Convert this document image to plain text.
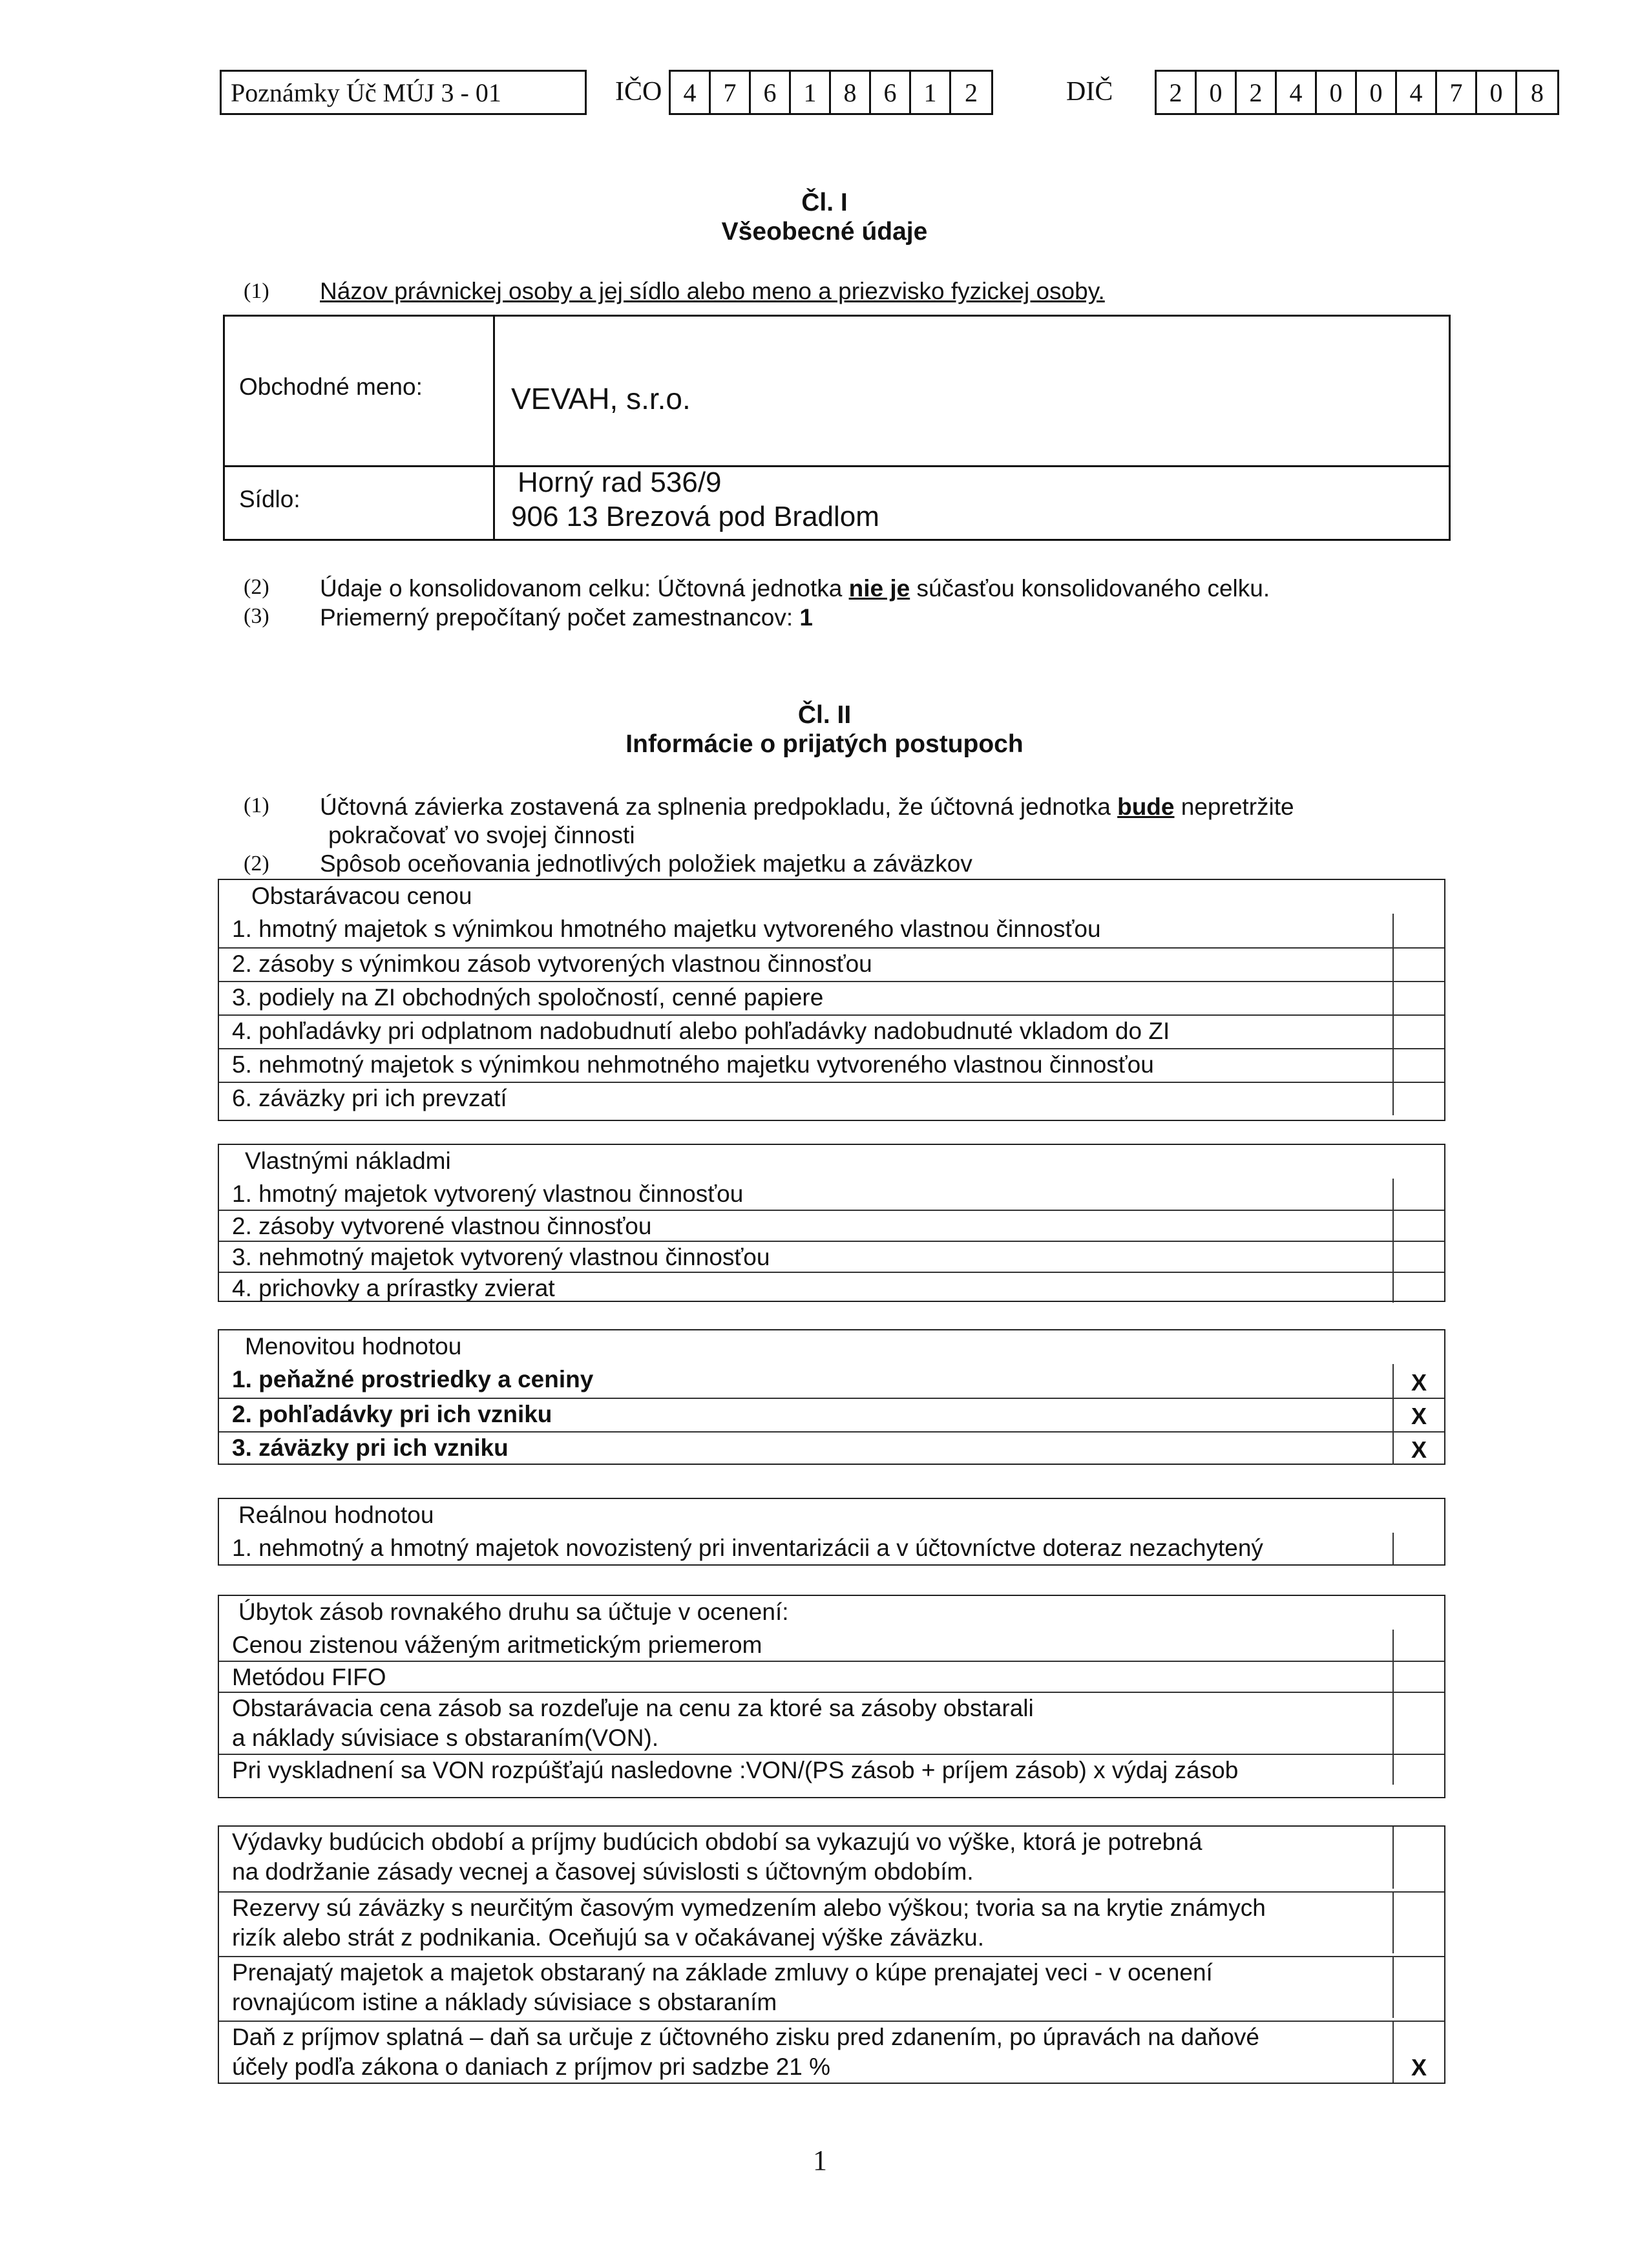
Poznámky Úč MÚJ 3 - 01	IČO 4	7	6	1	8	6	1	2	DIČ	2	0	2	4	0	0	4	7	0	8
Čl. I
Všeobecné údaje
(1) Názov právnickej osoby a jej sídlo alebo meno a priezvisko fyzickej osoby.
Obchodné meno:	VEVAH, s.r.o.
Sídlo:
Horný rad 536/9
906 13 Brezová pod Bradlom
(2) Údaje o konsolidovanom celku: Účtovná jednotka nie je súčasťou konsolidovaného celku.
(3) Priemerný prepočítaný počet zamestnancov: 1
Čl. II
Informácie o prijatých postupoch
(1) Účtovná závierka zostavená za splnenia predpokladu, že účtovná jednotka bude nepretržite
pokračovať vo svojej činnosti
(2) Spôsob oceňovania jednotlivých položiek majetku a záväzkov
Obstarávacou cenou
1. hmotný majetok s výnimkou hmotného majetku vytvoreného vlastnou činnosťou
2. zásoby s výnimkou zásob vytvorených vlastnou činnosťou
3. podiely na ZI obchodných spoločností, cenné papiere
4. pohľadávky pri odplatnom nadobudnutí alebo pohľadávky nadobudnuté vkladom do ZI
5. nehmotný majetok s výnimkou nehmotného majetku vytvoreného vlastnou činnosťou
6. záväzky pri ich prevzatí
Vlastnými nákladmi
1. hmotný majetok vytvorený vlastnou činnosťou
2. zásoby vytvorené vlastnou činnosťou
3. nehmotný majetok vytvorený vlastnou činnosťou
4. prichovky a prírastky zvierat
Menovitou hodnotou
1. peňažné prostriedky a ceniny	X
2. pohľadávky pri ich vzniku	X
3. záväzky pri ich vzniku	X
Reálnou hodnotou
1. nehmotný a hmotný majetok novozistený pri inventarizácii a v účtovníctve doteraz nezachytený
Úbytok zásob rovnakého druhu sa účtuje v ocenení:
Cenou zistenou váženým aritmetickým priemerom
Metódou FIFO
Obstarávacia cena zásob sa rozdeľuje na cenu za ktoré sa zásoby obstarali
a náklady súvisiace s obstaraním(VON).
Pri vyskladnení sa VON rozpúšťajú nasledovne :VON/(PS zásob + príjem zásob) x výdaj zásob
Výdavky budúcich období a príjmy budúcich období sa vykazujú vo výške, ktorá je potrebná
na dodržanie zásady vecnej a časovej súvislosti s účtovným obdobím.
Rezervy sú záväzky s neurčitým časovým vymedzením alebo výškou; tvoria sa na krytie známych
rizík alebo strát z podnikania. Oceňujú sa v očakávanej výške záväzku.
Prenajatý majetok a majetok obstaraný na základe zmluvy o kúpe prenajatej veci - v ocenení
rovnajúcom istine a náklady súvisiace s obstaraním
Daň z príjmov splatná – daň sa určuje z účtovného zisku pred zdanením, po úpravách na daňové
účely podľa zákona o daniach z príjmov pri sadzbe 21 %	X
1
